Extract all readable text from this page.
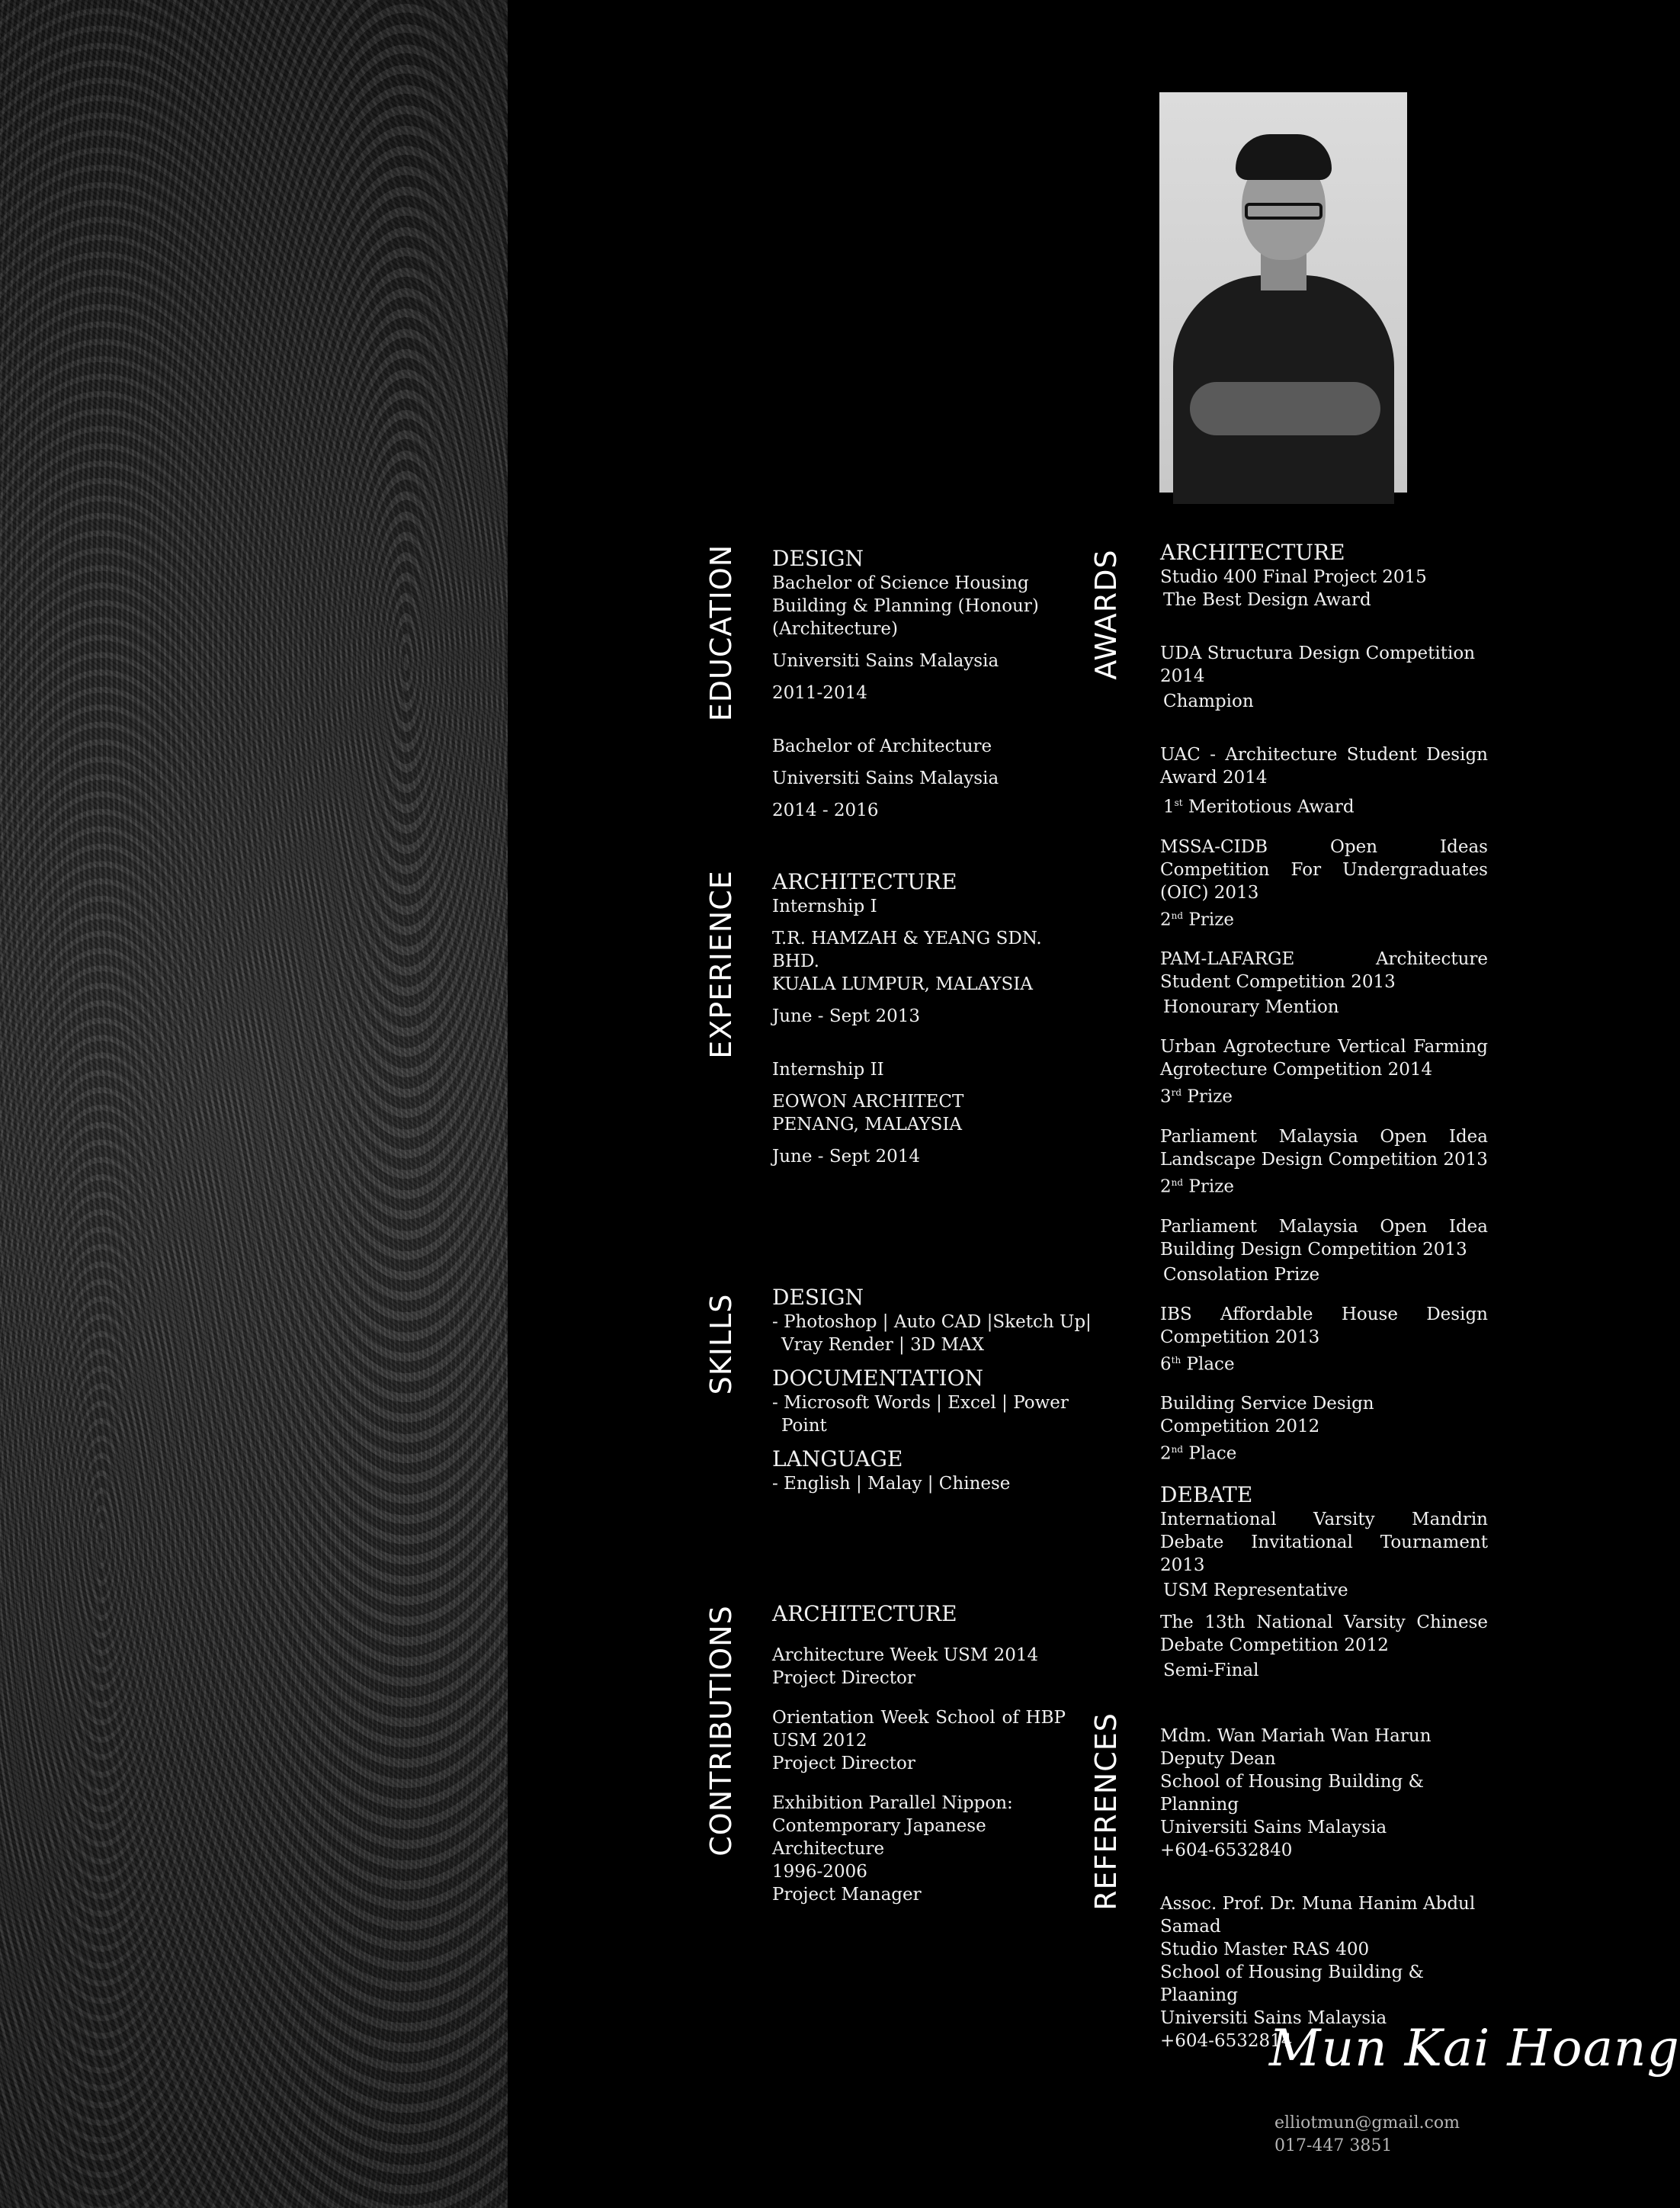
EDUCATION
EXPERIENCE
SKILLS
CONTRIBUTIONS
AWARDS
REFERENCES

DESIGN

Bachelor of Science Housing Building & Planning (Honour) (Architecture)

Universiti Sains Malaysia

2011-2014

Bachelor of Architecture

Universiti Sains Malaysia

2014 - 2016

ARCHITECTURE

Internship I

T.R. HAMZAH & YEANG SDN. BHD.

KUALA LUMPUR, MALAYSIA

June - Sept 2013

Internship II

EOWON ARCHITECT

PENANG, MALAYSIA

June - Sept 2014

DESIGN

- Photoshop | Auto CAD |Sketch Up|

Vray Render | 3D MAX

DOCUMENTATION

- Microsoft Words | Excel | Power

Point

LANGUAGE

- English | Malay | Chinese

ARCHITECTURE

Architecture Week USM 2014

Project Director

Orientation Week School of HBP USM 2012

Project Director

Exhibition Parallel Nippon:

Contemporary Japanese Architecture

1996-2006

Project Manager

ARCHITECTURE

Studio 400 Final Project 2015

The Best Design Award

UDA Structura Design Competition 2014

Champion

UAC - Architecture Student Design Award 2014

1st Meritotious Award

MSSA-CIDB Open Ideas Competition For Undergraduates (OIC) 2013

2nd Prize

PAM-LAFARGE Architecture Student Competition 2013

Honourary Mention

Urban Agrotecture Vertical Farming Agrotecture Competition 2014

3rd Prize

Parliament Malaysia Open Idea Landscape Design Competition 2013

2nd Prize

Parliament Malaysia Open Idea Building Design Competition 2013

Consolation Prize

IBS Affordable House Design Competition 2013

6th Place

Building Service Design Competition 2012

2nd Place

DEBATE

International Varsity Mandrin Debate Invitational Tournament 2013

USM Representative

The 13th National Varsity Chinese Debate Competition 2012

Semi-Final

Mdm. Wan Mariah Wan Harun

Deputy Dean

School of Housing Building & Planning

Universiti Sains Malaysia

+604-6532840

Assoc. Prof. Dr. Muna Hanim Abdul Samad

Studio Master RAS 400

School of Housing Building & Plaaning

Universiti Sains Malaysia

+604-6532814

Mun Kai Hoang

elliotmun@gmail.com

017-447 3851
